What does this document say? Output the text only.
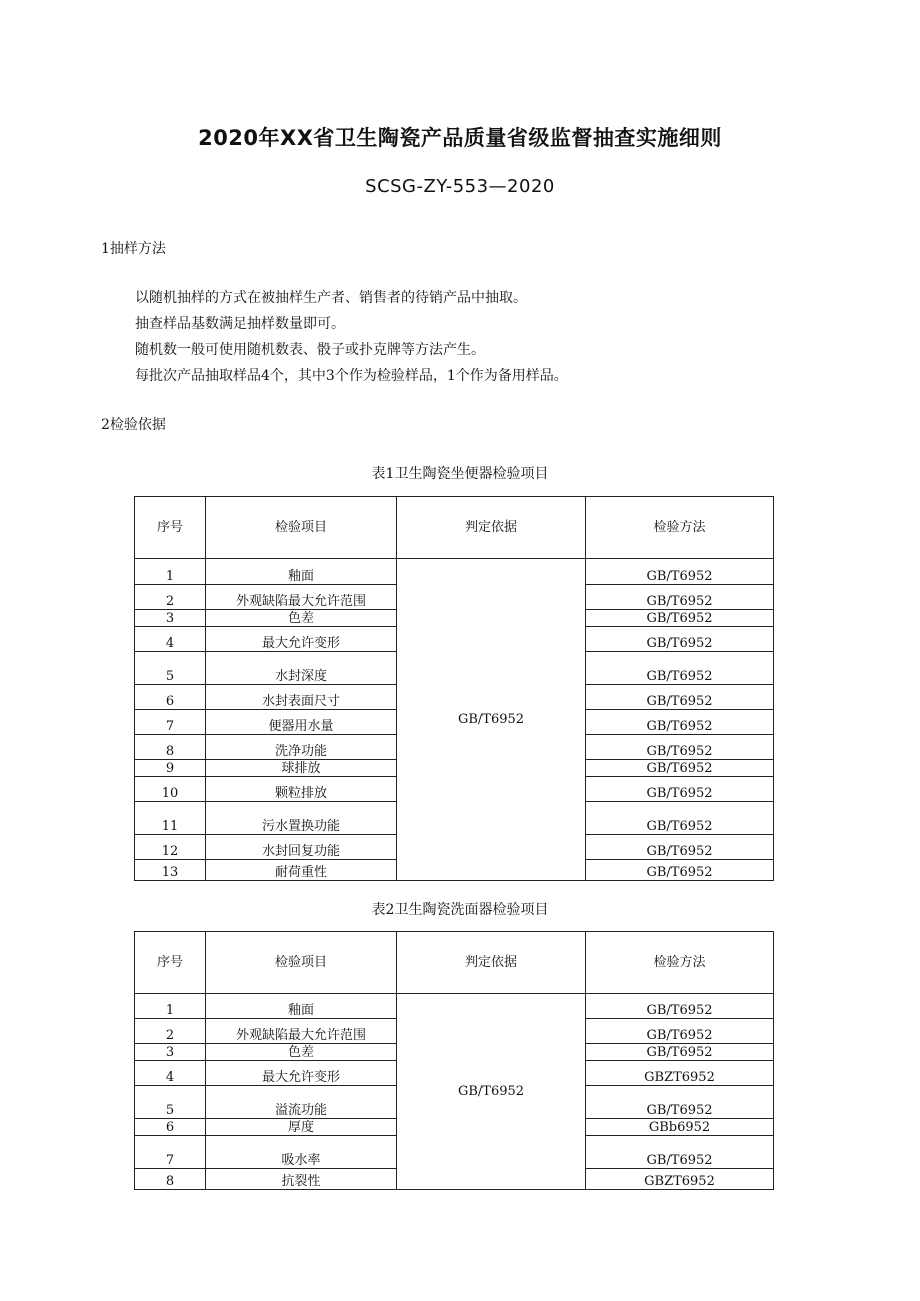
2020年XX省卫生陶瓷产品质量省级监督抽查实施细则
SCSG-ZY-553—2020
1抽样方法
以随机抽样的方式在被抽样生产者、销售者的待销产品中抽取。
抽查样品基数满足抽样数量即可。
随机数一般可使用随机数表、骰子或扑克牌等方法产生。
每批次产品抽取样品4个，其中3个作为检验样品，1个作为备用样品。
2检验依据
表1卫生陶瓷坐便器检验项目
序号	检验项目	判定依据	检验方法
1	釉面	GB/T6952	GB/T6952
2	外观缺陷最大允许范围		GB/T6952
3	色差		GB/T6952
4	最大允许变形		GB/T6952
5	水封深度		GB/T6952
6	水封表面尺寸		GB/T6952
7	便器用水量		GB/T6952
8	洗净功能		GB/T6952
9	球排放		GB/T6952
10	颗粒排放		GB/T6952
11	污水置换功能		GB/T6952
12	水封回复功能		GB/T6952
13	耐荷重性		GB/T6952
表2卫生陶瓷洗面器检验项目
序号	检验项目	判定依据	检验方法
1	釉面	GB/T6952	GB/T6952
2	外观缺陷最大允许范围		GB/T6952
3	色差		GB/T6952
4	最大允许变形		GBZT6952
5	溢流功能		GB/T6952
6	厚度		GBb6952
7	吸水率		GB/T6952
8	抗裂性		GBZT6952
